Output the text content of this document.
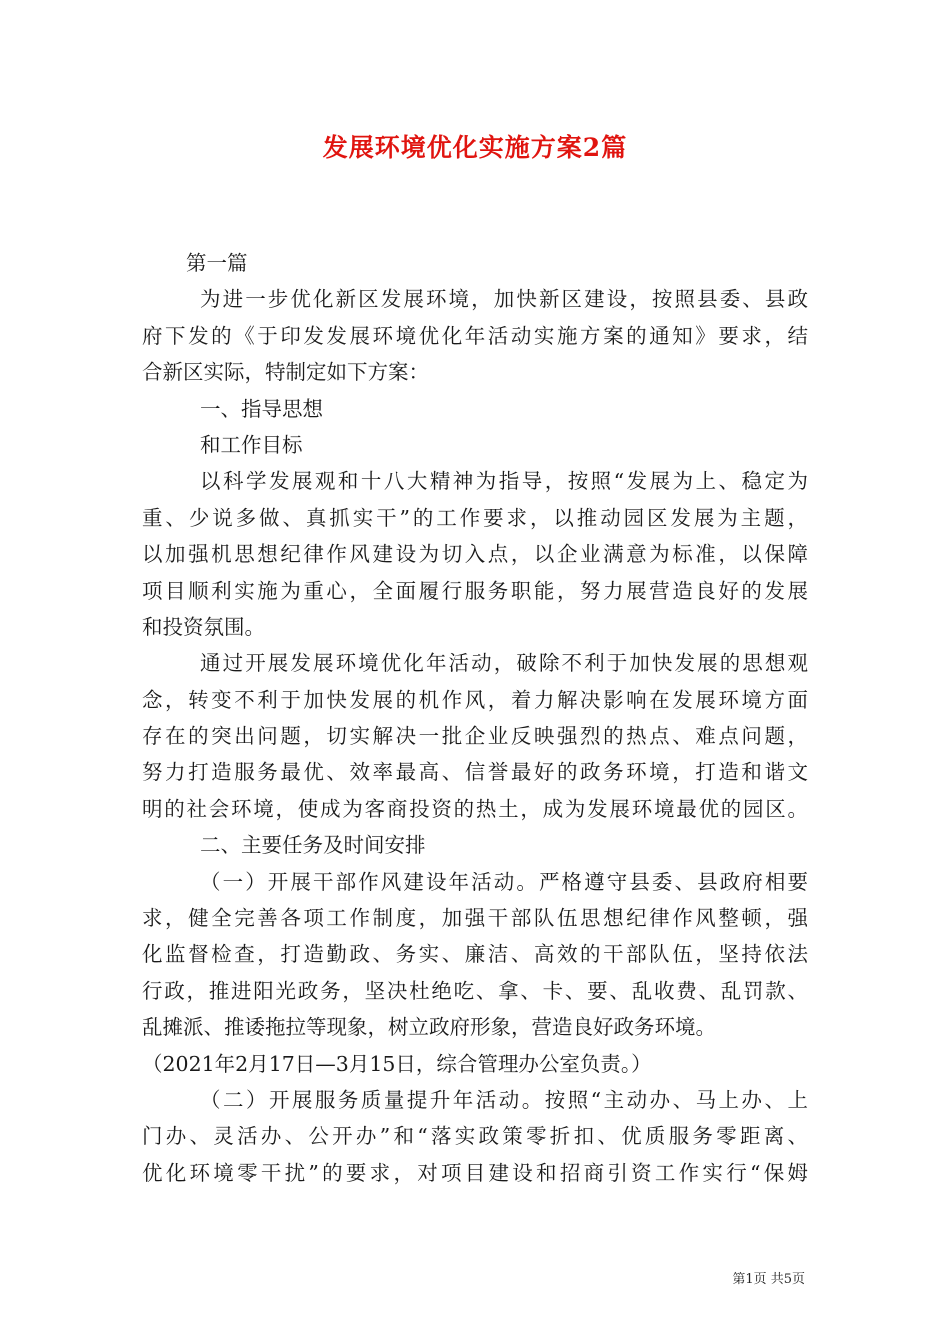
发展环境优化实施方案2篇
第一篇
为进一步优化新区发展环境，加快新区建设，按照县委、县政
府下发的《于印发发展环境优化年活动实施方案的通知》要求，结
合新区实际，特制定如下方案：
一、指导思想
和工作目标
以科学发展观和十八大精神为指导，按照“发展为上、稳定为
重、少说多做、真抓实干”的工作要求，以推动园区发展为主题，
以加强机思想纪律作风建设为切入点，以企业满意为标准，以保障
项目顺利实施为重心，全面履行服务职能，努力展营造良好的发展
和投资氛围。
通过开展发展环境优化年活动，破除不利于加快发展的思想观
念，转变不利于加快发展的机作风，着力解决影响在发展环境方面
存在的突出问题，切实解决一批企业反映强烈的热点、难点问题，
努力打造服务最优、效率最高、信誉最好的政务环境，打造和谐文
明的社会环境，使成为客商投资的热土，成为发展环境最优的园区。
二、主要任务及时间安排
（一）开展干部作风建设年活动。严格遵守县委、县政府相要
求，健全完善各项工作制度，加强干部队伍思想纪律作风整顿，强
化监督检查，打造勤政、务实、廉洁、高效的干部队伍，坚持依法
行政，推进阳光政务，坚决杜绝吃、拿、卡、要、乱收费、乱罚款、
乱摊派、推诿拖拉等现象，树立政府形象，营造良好政务环境。
（2021年2月17日—3月15日，综合管理办公室负责。）
（二）开展服务质量提升年活动。按照“主动办、马上办、上
门办、灵活办、公开办”和“落实政策零折扣、优质服务零距离、
优化环境零干扰”的要求，对项目建设和招商引资工作实行“保姆
第1页 共5页
